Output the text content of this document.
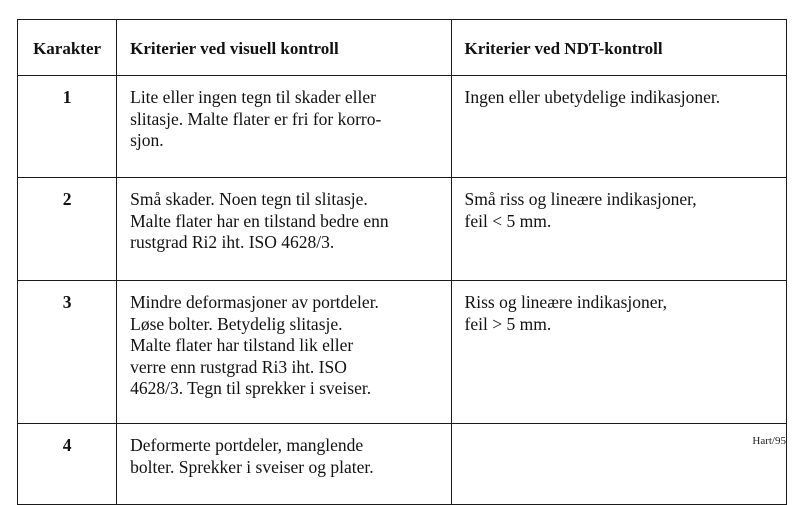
Karakter	Kriterier ved visuell kontroll	Kriterier ved NDT-kontroll
1	Lite eller ingen tegn til skader eller
slitasje. Malte flater er fri for korro-
sjon.	Ingen eller ubetydelige indikasjoner.

2	Små skader. Noen tegn til slitasje.
Malte flater har en tilstand bedre enn
rustgrad Ri2 iht. ISO 4628/3.	Små riss og lineære indikasjoner,
feil < 5 mm.

3	Mindre deformasjoner av portdeler.
Løse bolter. Betydelig slitasje.
Malte flater har tilstand lik eller
verre enn rustgrad Ri3 iht. ISO
4628/3. Tegn til sprekker i sveiser.	Riss og lineære indikasjoner,
feil > 5 mm.

4	Deformerte portdeler, manglende
bolter. Sprekker i sveiser og plater.	

Hart/95
